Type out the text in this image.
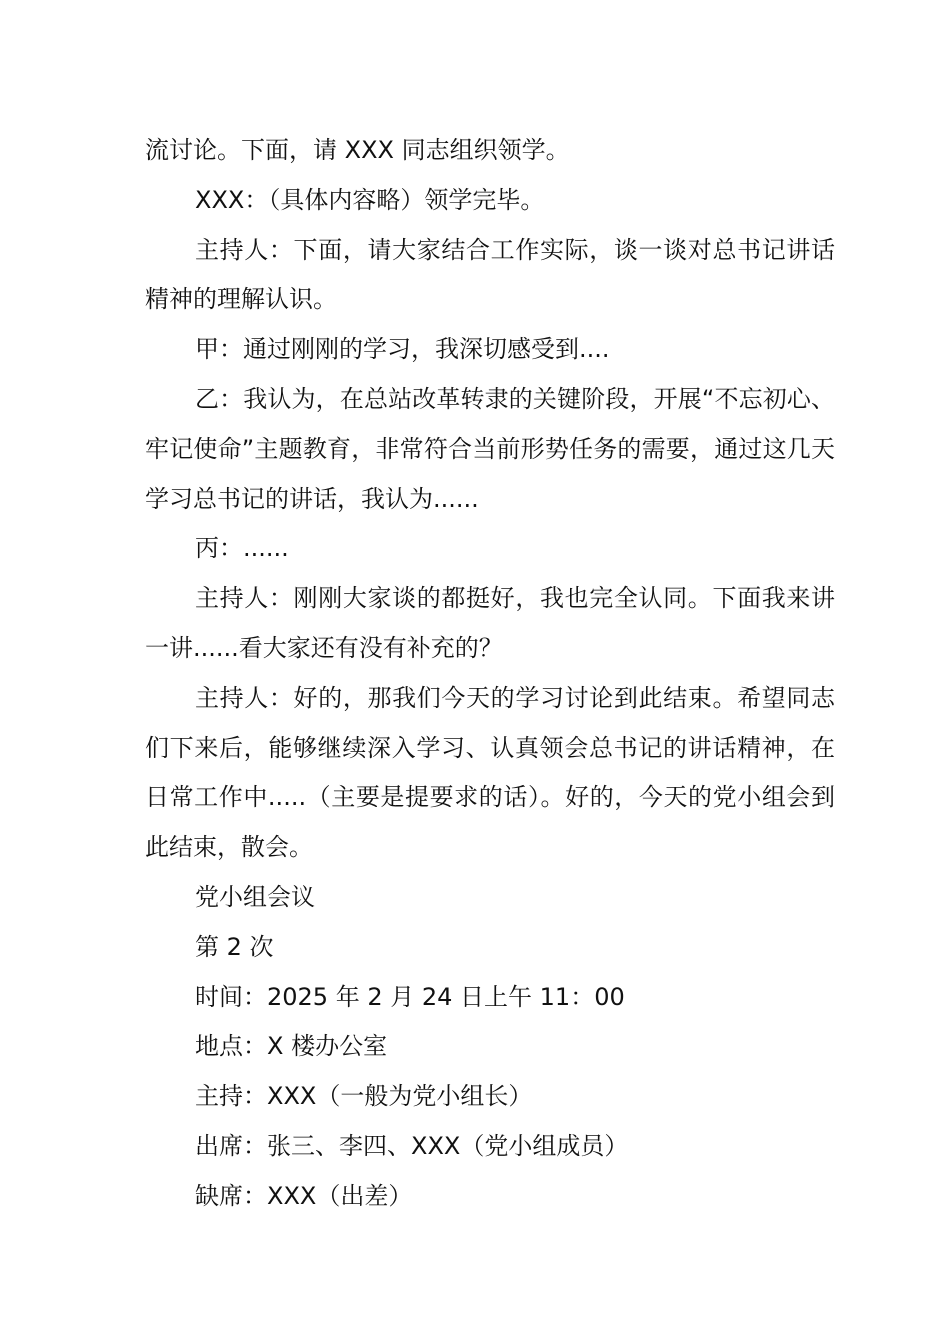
流讨论。下面，请 XXX 同志组织领学。

XXX：（具体内容略）领学完毕。

主持人：下面，请大家结合工作实际，谈一谈对总书记讲话精神的理解认识。

甲：通过刚刚的学习，我深切感受到....

乙：我认为，在总站改革转隶的关键阶段，开展“不忘初心、牢记使命”主题教育，非常符合当前形势任务的需要，通过这几天学习总书记的讲话，我认为......

丙：......

主持人：刚刚大家谈的都挺好，我也完全认同。下面我来讲一讲......看大家还有没有补充的？

主持人：好的，那我们今天的学习讨论到此结束。希望同志们下来后，能够继续深入学习、认真领会总书记的讲话精神，在日常工作中.....（主要是提要求的话）。好的，今天的党小组会到此结束，散会。

党小组会议

第 2 次

时间：2025 年 2 月 24 日上午 11：00

地点：X 楼办公室

主持：XXX（一般为党小组长）

出席：张三、李四、XXX（党小组成员）

缺席：XXX（出差）
